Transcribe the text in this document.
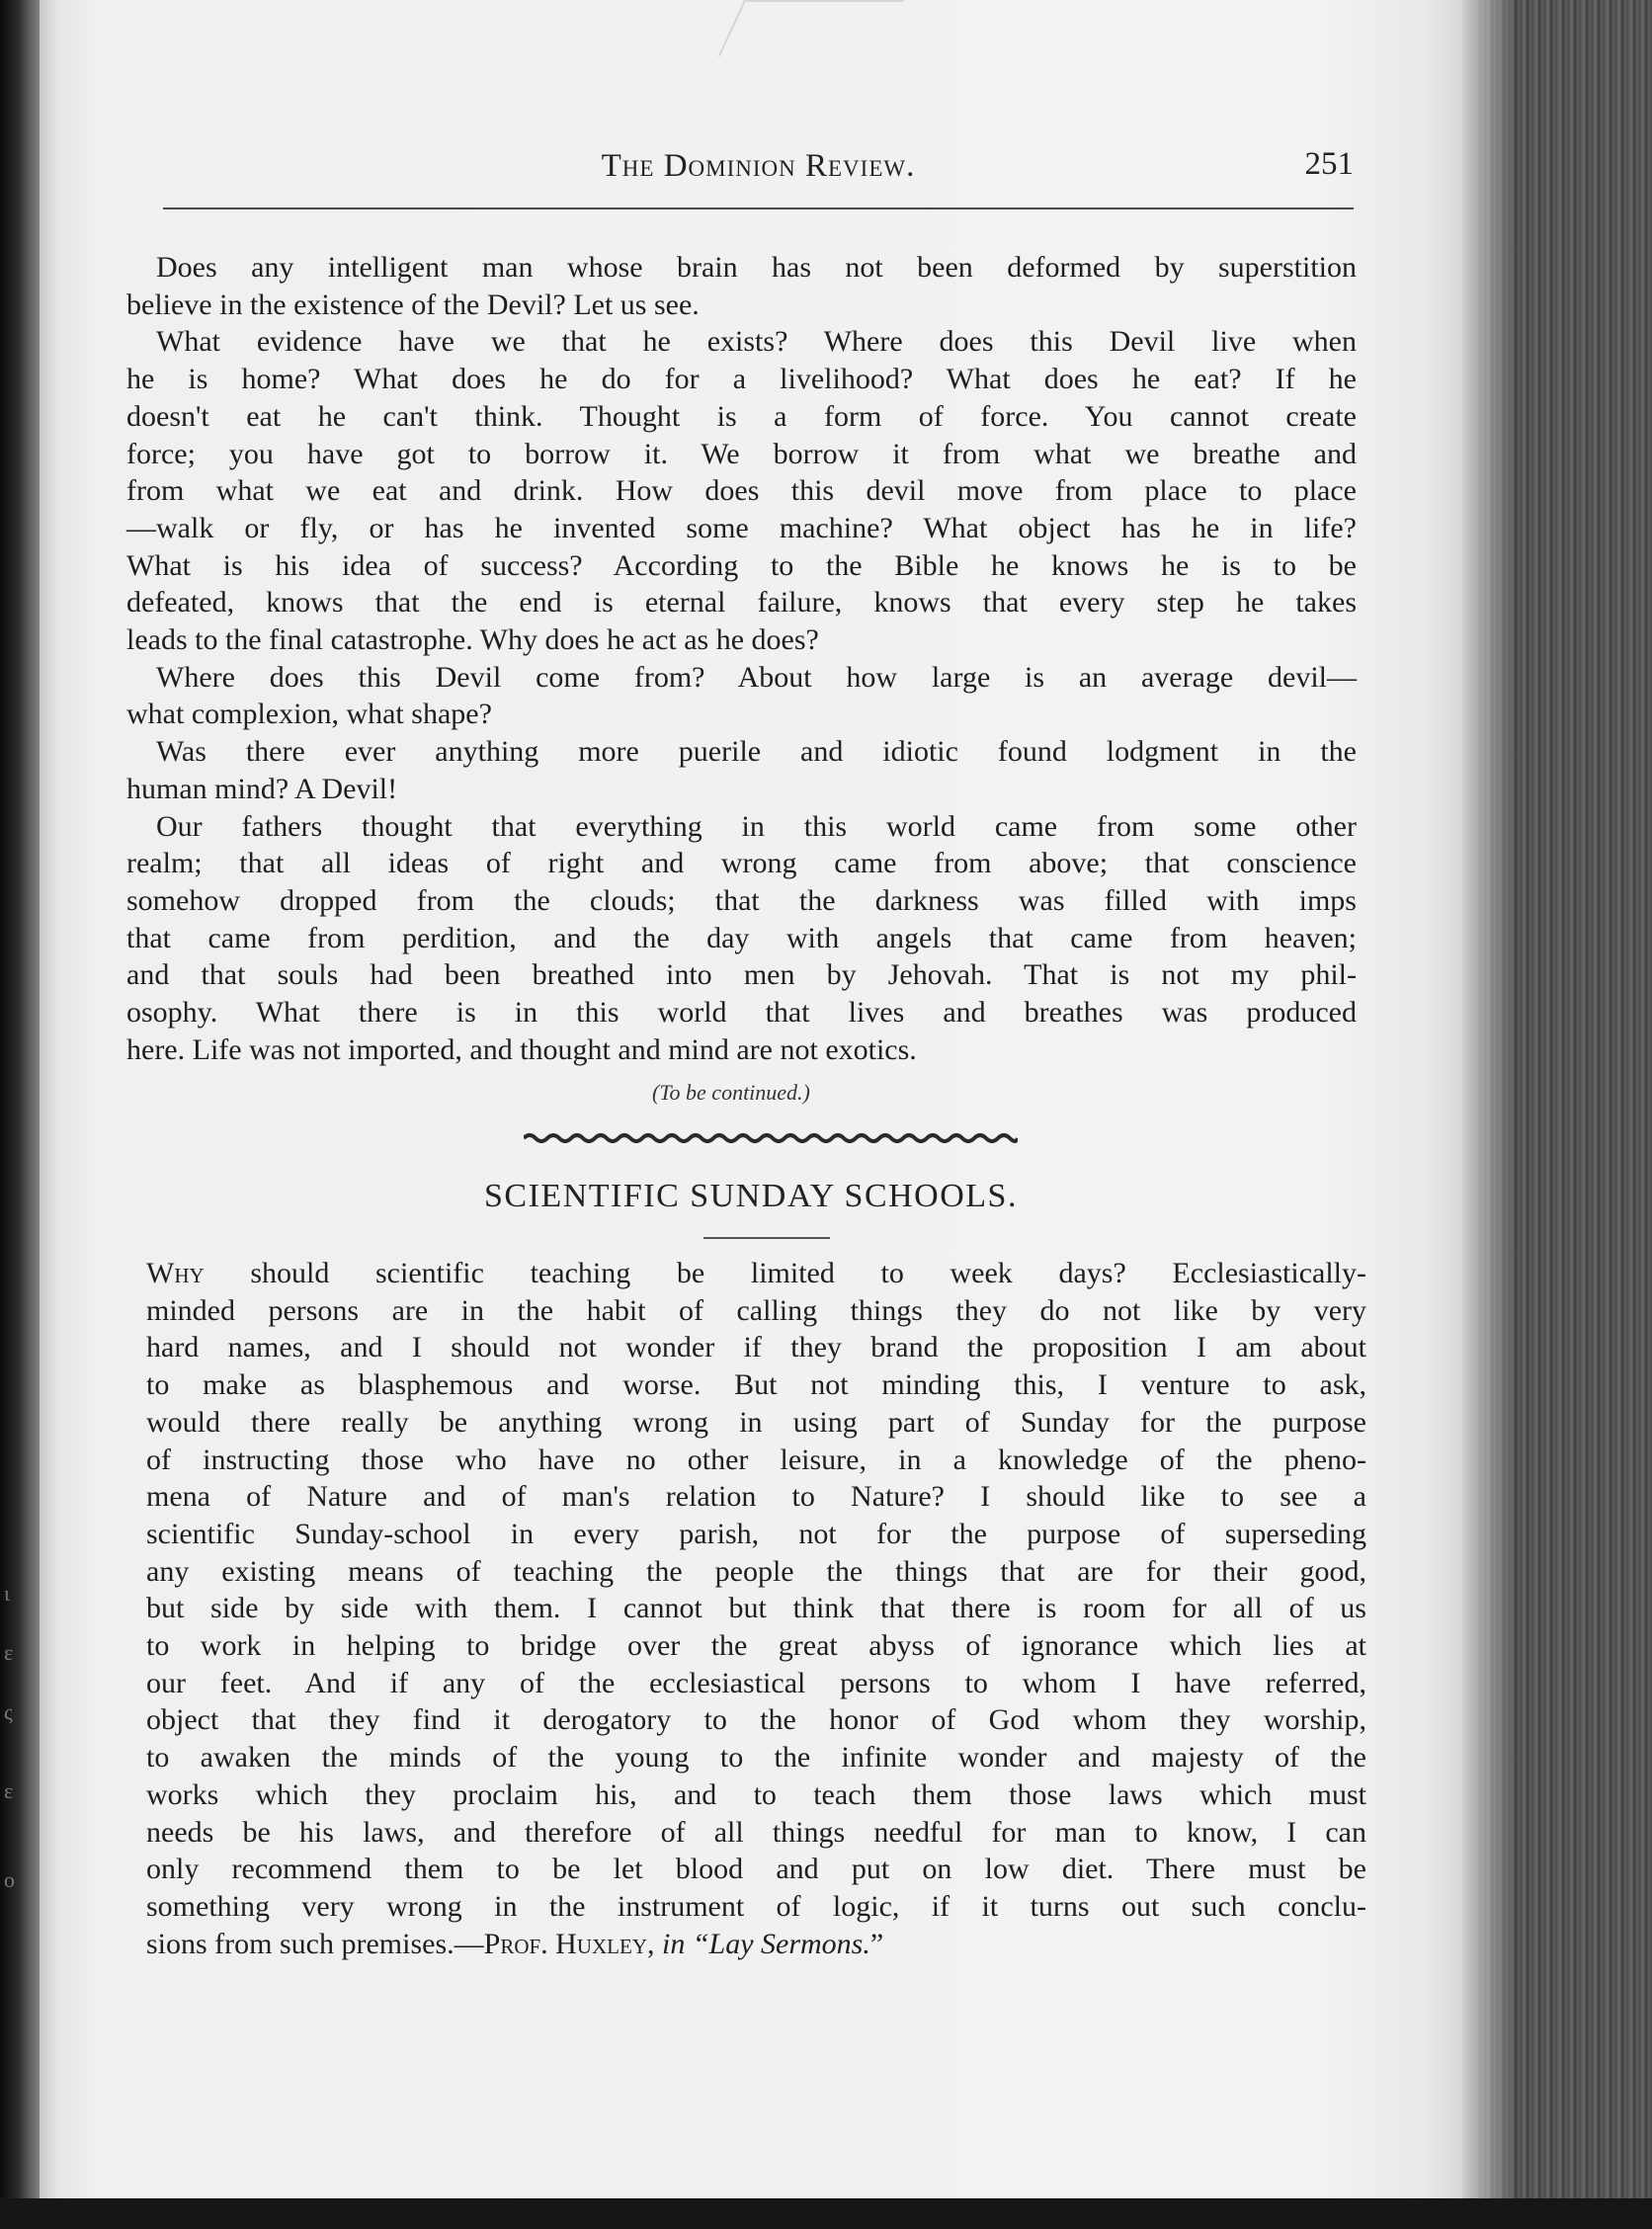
ι
ε
ς
ε
ο
The Dominion Review.	251
Does any intelligent man whose brain has not been deformed by superstition
believe in the existence of the Devil? Let us see.
What evidence have we that he exists? Where does this Devil live when
he is home? What does he do for a livelihood? What does he eat? If he
doesn't eat he can't think. Thought is a form of force. You cannot create
force; you have got to borrow it. We borrow it from what we breathe and
from what we eat and drink. How does this devil move from place to place
—walk or fly, or has he invented some machine? What object has he in life?
What is his idea of success? According to the Bible he knows he is to be
defeated, knows that the end is eternal failure, knows that every step he takes
leads to the final catastrophe. Why does he act as he does?
Where does this Devil come from? About how large is an average devil—
what complexion, what shape?
Was there ever anything more puerile and idiotic found lodgment in the
human mind? A Devil!
Our fathers thought that everything in this world came from some other
realm; that all ideas of right and wrong came from above; that conscience
somehow dropped from the clouds; that the darkness was filled with imps
that came from perdition, and the day with angels that came from heaven;
and that souls had been breathed into men by Jehovah. That is not my phil-
osophy. What there is in this world that lives and breathes was produced
here. Life was not imported, and thought and mind are not exotics.
(To be continued.)
SCIENTIFIC SUNDAY SCHOOLS.
Why should scientific teaching be limited to week days? Ecclesiastically-
minded persons are in the habit of calling things they do not like by very
hard names, and I should not wonder if they brand the proposition I am about
to make as blasphemous and worse. But not minding this, I venture to ask,
would there really be anything wrong in using part of Sunday for the purpose
of instructing those who have no other leisure, in a knowledge of the pheno-
mena of Nature and of man's relation to Nature? I should like to see a
scientific Sunday-school in every parish, not for the purpose of superseding
any existing means of teaching the people the things that are for their good,
but side by side with them. I cannot but think that there is room for all of us
to work in helping to bridge over the great abyss of ignorance which lies at
our feet. And if any of the ecclesiastical persons to whom I have referred,
object that they find it derogatory to the honor of God whom they worship,
to awaken the minds of the young to the infinite wonder and majesty of the
works which they proclaim his, and to teach them those laws which must
needs be his laws, and therefore of all things needful for man to know, I can
only recommend them to be let blood and put on low diet. There must be
something very wrong in the instrument of logic, if it turns out such conclu-
sions from such premises.—Prof. Huxley, in “Lay Sermons.”
